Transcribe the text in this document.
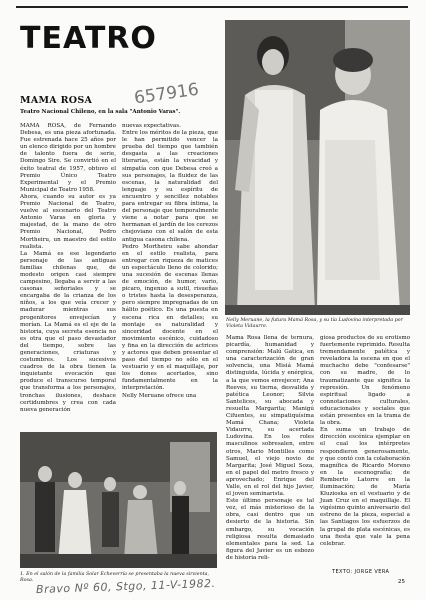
TEATRO
657916
MAMA ROSA
Teatro Nacional Chileno, en la sala "Antonio Varas".
MAMA ROSA, de Fernando Debesa, es una pieza afortunada. Fue estrenada hace 25 años por un elenco dirigido por un hombre de talento fuera de serie, Domingo Sire. Se convirtió en el éxito teatral de 1957, obtuvo el Premio Único Teatro Experimental y el Premio Municipal de Teatro 1958.
Ahora, cuando su autor es ya Premio Nacional de Teatro, vuelve al escenario del Teatro Antonio Varas en gloria y majestad, de la mano de otro Premio Nacional, Pedro Mortheiru, un maestro del estilo realista.
La Mamá es ese legendario personaje de las antiguas familias chilenas que, de modesto origen casi siempre campesino, llegaba a servir a las casonas señoriales y se encargaba de la crianza de los niños, a los que veía crecer y madurar mientras sus progenitores envejecían y morían. La Mamá es el eje de la historia, cuya secreta esencia no es otra que el paso devastador del tiempo, sobre las generaciones, criaturas y costumbres. Los sucesivos cuadros de la obra tienen la inquietante evocación que produce el transcurso temporal que transforma a los personajes, tronchas ilusiones, deshace certidumbres y crea con cada nueva generación
nuevas expectativas.
Entre los méritos de la pieza, que le han permitido vencer la prueba del tiempo que también desgasta a las creaciones literarias, están la vivacidad y simpatía con que Debesa creó a sus personajes, la fluidez de las escenas, la naturalidad del lenguaje y su espíritu de encuentro y sencillez notables para entregar su fibra íntima, la del personaje que temporalmente viene a notar para que se hermanan el jardín de los cerezos chejoviano con el salón de esta antigua casona chilena.
Pedro Mortheiru sabe ahondar en el estilo realista, para entregar con riqueza de matices un espectáculo lleno de colorido; una sucesión de escenas llenas de emoción, de humor, vario, picaro, ingenuo a sutil, risueñas o tristes hasta la desesperanza, pero siempre impregnadas de un hálito poético. Es una puesta en escena rica en detalles; su montaje es naturalidad y sinceridad docente en el movimiento escénico, cuidadoso y fina en la dirección de actrices y actores que deben presentar el paso del tiempo no sólo en el vestuario y en el maquillaje, por los dones acertados, sino fundamentalmente en la interpretación.
Nelly Meruane ofrece una
Nelly Meruane, la futura Mamá Rosa, y su tía Ludovina interpretada por Violeta Vidaurre.
Mama Rosa llena de ternura, picardía, humanidad y comprensión: Malú Gatica, en una caracterización de gran solvencia, una Misiá Mamá distinguida, lúcida y enérgica, a la que vemos envejecer; Ana Reeves, su tierna, desvalida y patética Leonor; Silvia Santelices, su abocada y resuelta Margarita; Manigú Cifuentes, su simpatiquísima Mamá Chana; Violeta Vidaurre, su acertada Ludovina. En los roles masculinos sobresalen, entre otros, Mario Montilles como Samuel, el viejo novio de Margarita; José Miguel Soza, en el papel del metro fresco y aprovechado; Enrique del Valle, en el rol del hijo Javier, el joven seminarista.
Este último personaje es tal vez, el más misterioso de la obra, casi dentro que un desierto de la historia. Sin embargo, su vocación religiosa resulta demasiado elementales para la sed. La figura del Javier es un esbozo de historia reli-
giosa productos de su erotismo fuertemente reprimido. Resulta tremendamente patética y reveladora la escena en que el muchacho debe "confesarse" con su madre, de lo traumatizante que significa la represión. Un fenómeno espiritual ligado a connotaciones culturales, educacionales y sociales que están presentes en la trama de la obra.
En suma un trabajo de dirección escénica ejemplar en el cual los intérpretes respondieron generosamente, y que contó con la colaboración magnífica de Ricardo Moreno en la escenografía; de Remberto Latorre en la iluminación; de María Kluzioska en el vestuario y de Juan Cruz en el maquillaje. El vigésimo quinto aniversario del estreno de la pieza, especial a las Santiagos los esfuerzos de la grupal de plata escénicas, es una fiesta que vale la pena celebrar.
1. En el salón de la familia Solar Echeverría se presentaba la nueva sirvienta, Rosa.
TEXTO: JORGE VERA
25
Bravo Nº 60, Stgo, 11-V-1982.
